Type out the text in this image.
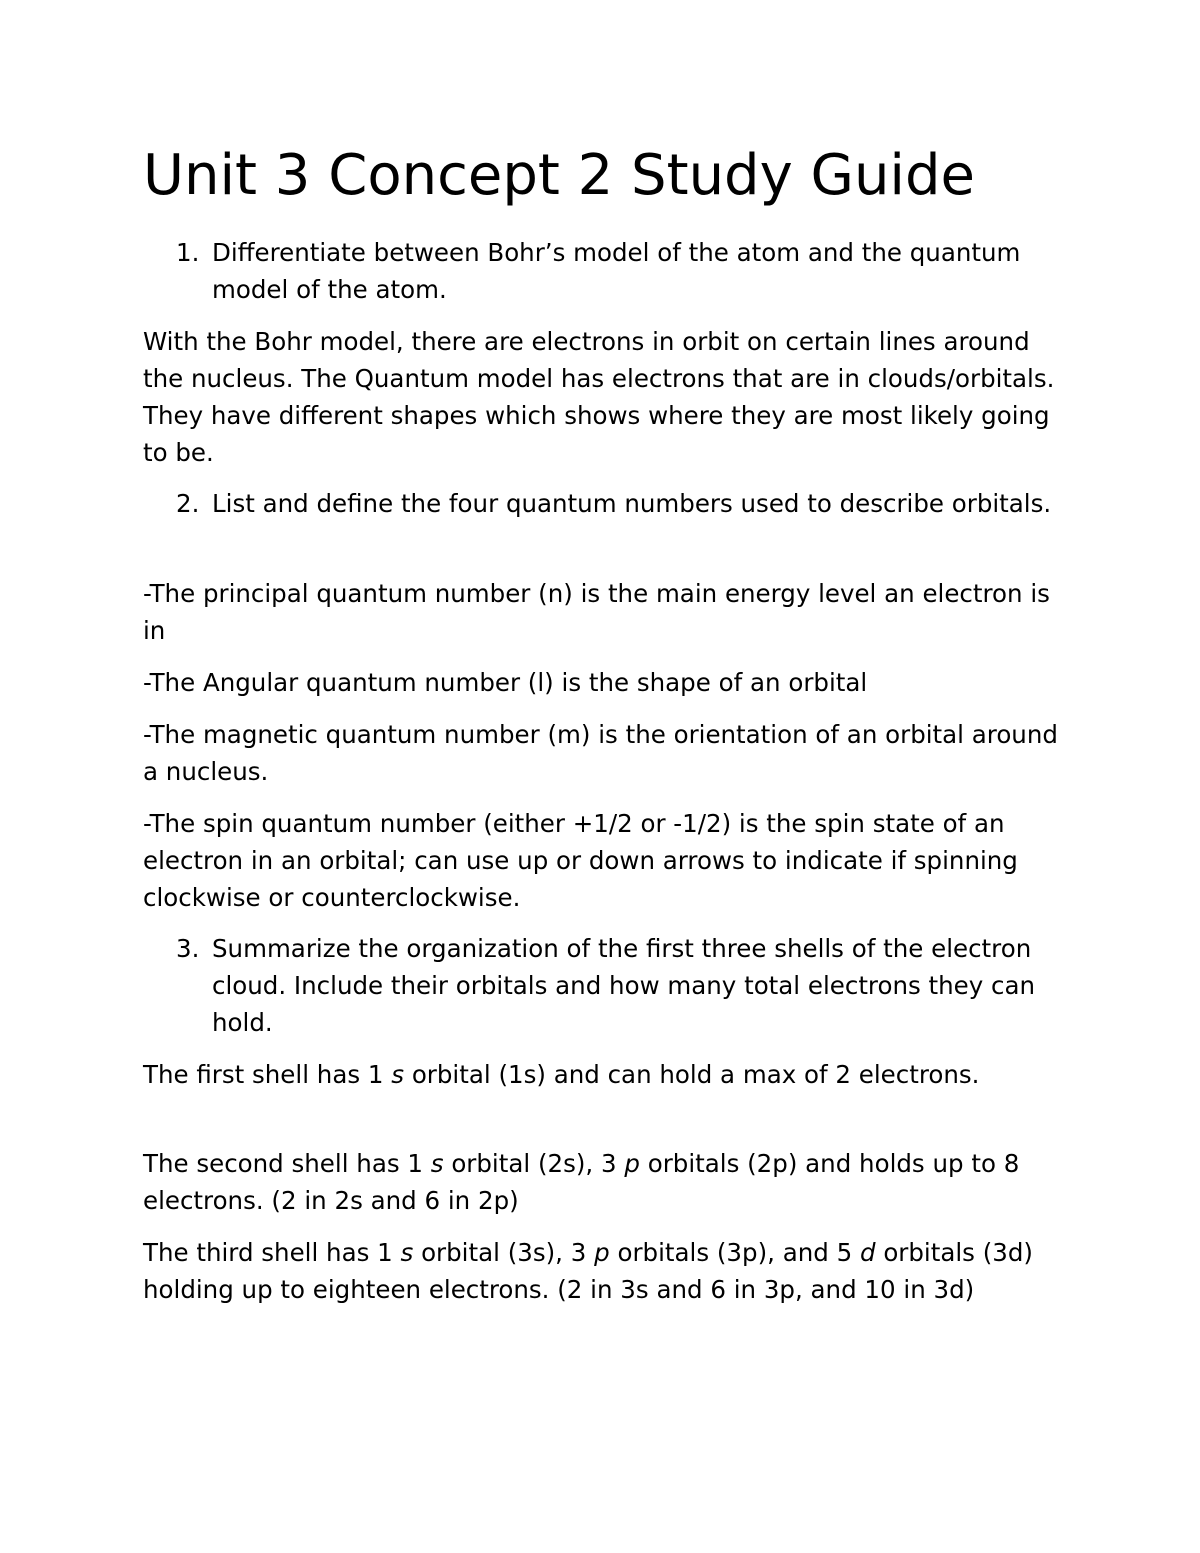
Unit 3 Concept 2 Study Guide
1. Differentiate between Bohr’s model of the atom and the quantum model of the atom.

With the Bohr model, there are electrons in orbit on certain lines around the nucleus. The Quantum model has electrons that are in clouds/orbitals. They have different shapes which shows where they are most likely going to be.

2. List and define the four quantum numbers used to describe orbitals.

-The principal quantum number (n) is the main energy level an electron is in

-The Angular quantum number (l) is the shape of an orbital

-The magnetic quantum number (m) is the orientation of an orbital around a nucleus.

-The spin quantum number (either +1/2 or -1/2) is the spin state of an electron in an orbital; can use up or down arrows to indicate if spinning clockwise or counterclockwise.

3. Summarize the organization of the first three shells of the electron cloud. Include their orbitals and how many total electrons they can hold.

The first shell has 1 s orbital (1s) and can hold a max of 2 electrons.

The second shell has 1 s orbital (2s), 3 p orbitals (2p) and holds up to 8 electrons. (2 in 2s and 6 in 2p)

The third shell has 1 s orbital (3s), 3 p orbitals (3p), and 5 d orbitals (3d) holding up to eighteen electrons. (2 in 3s and 6 in 3p, and 10 in 3d)
